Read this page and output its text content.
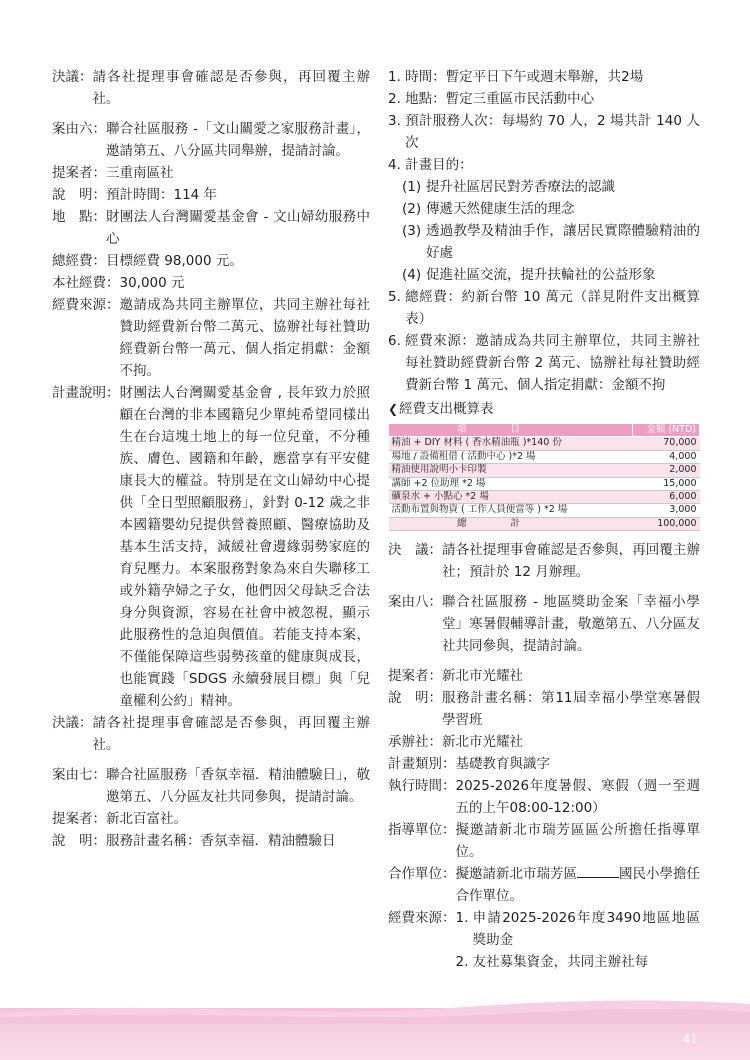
決議： 請各社提理事會確認是否參與，再回覆主辦社。
案由六： 聯合社區服務 -「文山關愛之家服務計畫」，邀請第五、八分區共同舉辦，提請討論。
提案者： 三重南區社
說　明： 預計時間：114 年
地　點： 財團法人台灣關愛基金會 - 文山婦幼服務中心
總經費： 目標經費 98,000 元。
本社經費： 30,000 元
經費來源： 邀請成為共同主辦單位，共同主辦社每社贊助經費新台幣二萬元、協辦社每社贊助經費新台幣一萬元、個人指定捐獻：金額不拘。
計畫說明： 財團法人台灣關愛基金會 , 長年致力於照顧在台灣的非本國籍兒少單純希望同樣出生在台這塊土地上的每一位兒童，不分種族、膚色、國籍和年齡，應當享有平安健康長大的權益。特別是在文山婦幼中心提供「全日型照顧服務」，針對 0-12 歲之非本國籍嬰幼兒提供營養照顧、醫療協助及基本生活支持，減緩社會邊緣弱勢家庭的育兒壓力。本案服務對象為來自失聯移工或外籍孕婦之子女，他們因父母缺乏合法身分與資源，容易在社會中被忽視，顯示此服務性的急迫與價值。若能支持本案，不僅能保障這些弱勢孩童的健康與成長，也能實踐「SDGS 永續發展目標」與「兒童權利公約」精神。
決議： 請各社提理事會確認是否參與，再回覆主辦社。
案由七： 聯合社區服務「香氛幸福．精油體驗日」，敬邀第五、八分區友社共同參與，提請討論。
提案者： 新北百富社。
說　明： 服務計畫名稱：香氛幸福．精油體驗日
1. 時間：暫定平日下午或週末舉辦，共2場
2. 地點：暫定三重區市民活動中心
3. 預計服務人次：每場約 70 人，2 場共計 140 人次
4. 計畫目的：
(1) 提升社區居民對芳香療法的認識
(2) 傳遞天然健康生活的理念
(3) 透過教學及精油手作，讓居民實際體驗精油的好處
(4) 促進社區交流，提升扶輪社的公益形象
5. 總經費：約新台幣 10 萬元（詳見附件支出概算表）
6. 經費來源：邀請成為共同主辦單位，共同主辦社每社贊助經費新台幣 2 萬元、協辦社每社贊助經費新台幣 1 萬元、個人指定捐獻：金額不拘
❮ 經費支出概算表
項目	金額 (NTD)
精油 + DIY 材料 ( 香水精油瓶 )*140 份	70,000
場地 / 設備租借 ( 活動中心 )*2 場	4,000
精油使用說明小卡印製	2,000
講師 +2 位助理 *2 場	15,000
礦泉水 + 小點心 *2 場	6,000
活動布置與物資 ( 工作人員便當等 ) *2 場	3,000
總計	100,000
決　議： 請各社提理事會確認是否參與，再回覆主辦社；預計於 12 月辦理。
案由八： 聯合社區服務 - 地區獎助金案「幸福小學堂」寒暑假輔導計畫，敬邀第五、八分區友社共同參與，提請討論。
提案者： 新北市光耀社
說　明： 服務計畫名稱：第11屆幸福小學堂寒暑假學習班
承辦社： 新北市光耀社
計畫類別： 基礎教育與識字
執行時間： 2025-2026年度暑假、寒假（週一至週五的上午08:00-12:00）
指導單位： 擬邀請新北市瑞芳區區公所擔任指導單位。
合作單位： 擬邀請新北市瑞芳區	國民小學擔任合作單位。
經費來源： 1. 申請2025-2026年度3490地區地區獎助金
2. 友社募集資金，共同主辦社每
41
